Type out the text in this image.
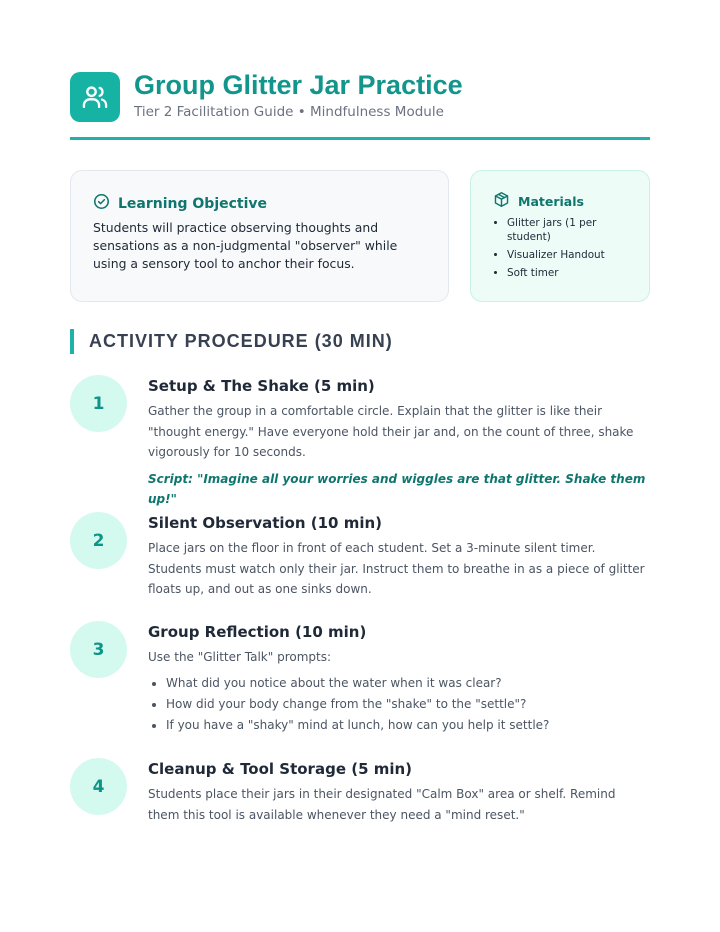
Group Glitter Jar Practice
Tier 2 Facilitation Guide • Mindfulness Module
Learning Objective
Students will practice observing thoughts and sensations as a non-judgmental "observer" while using a sensory tool to anchor their focus.
Materials
• Glitter jars (1 per student)
• Visualizer Handout
• Soft timer
ACTIVITY PROCEDURE (30 MIN)
1
Setup & The Shake (5 min)
Gather the group in a comfortable circle. Explain that the glitter is like their "thought energy." Have everyone hold their jar and, on the count of three, shake vigorously for 10 seconds.
Script: "Imagine all your worries and wiggles are that glitter. Shake them up!"
2
Silent Observation (10 min)
Place jars on the floor in front of each student. Set a 3-minute silent timer. Students must watch only their jar. Instruct them to breathe in as a piece of glitter floats up, and out as one sinks down.
3
Group Reflection (10 min)
Use the "Glitter Talk" prompts:
• What did you notice about the water when it was clear?
• How did your body change from the "shake" to the "settle"?
• If you have a "shaky" mind at lunch, how can you help it settle?
4
Cleanup & Tool Storage (5 min)
Students place their jars in their designated "Calm Box" area or shelf. Remind them this tool is available whenever they need a "mind reset."
